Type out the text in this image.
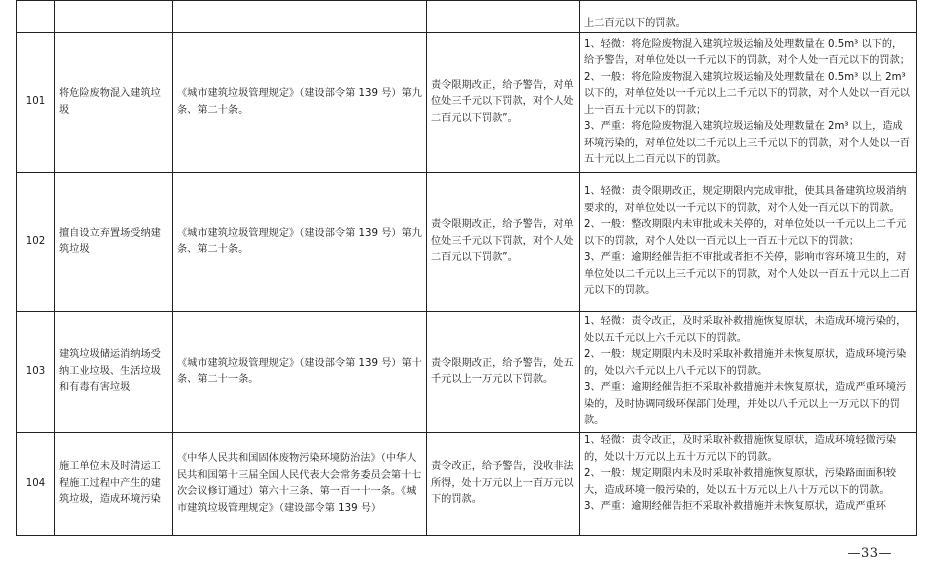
				上二百元以下的罚款。

101	将危险废物混入建筑垃圾	《城市建筑垃圾管理规定》（建设部令第 139 号）第九条、第二十条。	责令限期改正，给予警告，对单位处三千元以下罚款，对个人处二百元以下罚款”。	1、轻微：将危险废物混入建筑垃圾运输及处理数量在 0.5m³ 以下的，给予警告，对单位处以一千元以下的罚款，对个人处一百元以下的罚款；
2、一般：将危险废物混入建筑垃圾运输及处理数量在 0.5m³ 以上 2m³ 以下的，对单位处以一千元以上二千元以下的罚款，对个人处以一百元以上一百五十元以下的罚款；
3、严重：将危险废物混入建筑垃圾运输及处理数量在 2m³ 以上，造成环境污染的，对单位处以二千元以上三千元以下的罚款，对个人处以一百五十元以上二百元以下的罚款。

102	擅自设立弃置场受纳建筑垃圾	《城市建筑垃圾管理规定》（建设部令第 139 号）第九条、第二十条。	责令限期改正，给予警告，对单位处三千元以下罚款，对个人处二百元以下罚款”。	1、轻微：责令限期改正，规定期限内完成审批，使其具备建筑垃圾消纳要求的，对单位处以一千元以下的罚款，对个人处一百元以下的罚款。
2、一般：整改期限内未审批或未关停的，对单位处以一千元以上二千元以下的罚款，对个人处以一百元以上一百五十元以下的罚款；
3、严重：逾期经催告拒不审批或者拒不关停，影响市容环境卫生的，对单位处以二千元以上三千元以下的罚款，对个人处以一百五十元以上二百元以下的罚款。

103	建筑垃圾储运消纳场受纳工业垃圾、生活垃圾和有毒有害垃圾	《城市建筑垃圾管理规定》（建设部令第 139 号）第十条、第二十一条。	责令限期改正，给予警告，处五千元以上一万元以下罚款。	1、轻微：责令改正，及时采取补救措施恢复原状，未造成环境污染的，处以五千元以上六千元以下的罚款。
2、一般：规定期限内未及时采取补救措施并未恢复原状，造成环境污染的，处以六千元以上八千元以下的罚款。
3、严重：逾期经催告拒不采取补救措施并未恢复原状，造成严重环境污染的，及时协调同级环保部门处理，并处以八千元以上一万元以下的罚款。

104	施工单位未及时清运工程施工过程中产生的建筑垃圾，造成环境污染	《中华人民共和国固体废物污染环境防治法》（中华人民共和国第十三届全国人民代表大会常务委员会第十七次会议修订通过）第六十三条、第一百一十一条。《城市建筑垃圾管理规定》（建设部令第 139 号）	责令改正，给予警告，没收非法所得，处十万元以上一百万元以下的罚款。	1、轻微：责令改正，及时采取补救措施恢复原状，造成环境轻微污染的，处以十万元以上五十万元以下的罚款。
2、一般：规定期限内未及时采取补救措施恢复原状，污染路面面积较大，造成环境一般污染的，处以五十万元以上八十万元以下的罚款。
3、严重：逾期经催告拒不采取补救措施并未恢复原状，造成严重环
—33—
